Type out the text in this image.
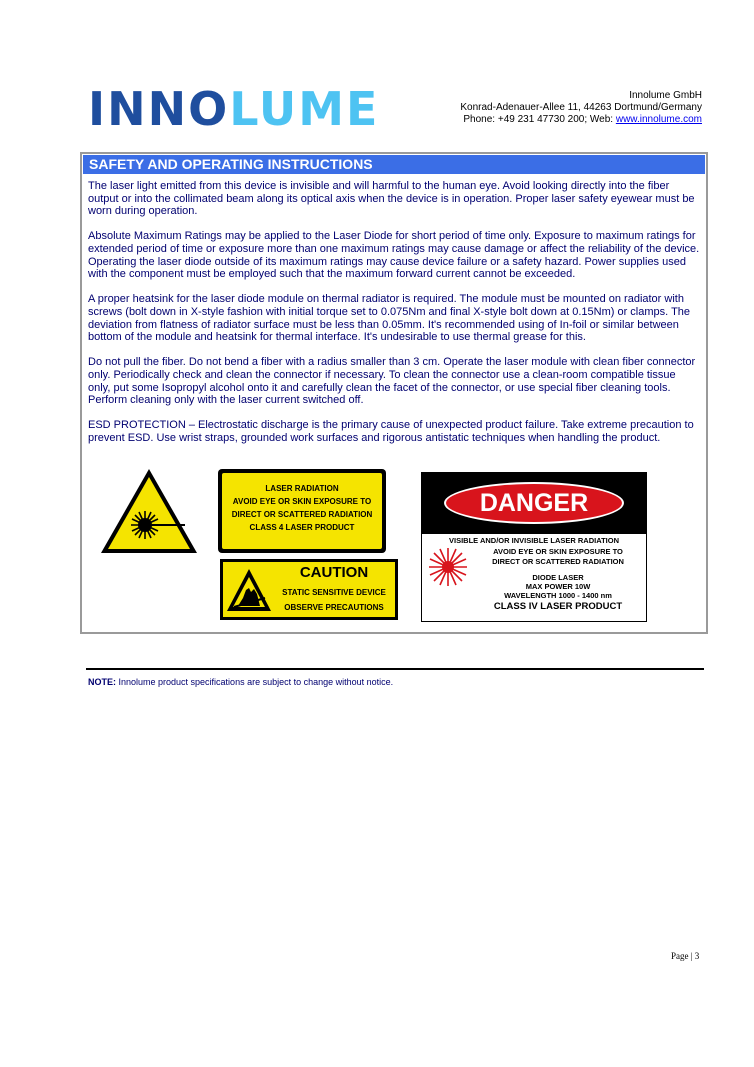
INNOLUME	Innolume GmbH
Konrad-Adenauer-Allee 11, 44263 Dortmund/Germany
Phone: +49 231 47730 200; Web: www.innolume.com
SAFETY AND OPERATING INSTRUCTIONS

The laser light emitted from this device is invisible and will harmful to the human eye. Avoid looking directly into the fiber output or into the collimated beam along its optical axis when the device is in operation. Proper laser safety eyewear must be worn during operation.

Absolute Maximum Ratings may be applied to the Laser Diode for short period of time only. Exposure to maximum ratings for extended period of time or exposure more than one maximum ratings may cause damage or affect the reliability of the device. Operating the laser diode outside of its maximum ratings may cause device failure or a safety hazard. Power supplies used with the component must be employed such that the maximum forward current cannot be exceeded.

A proper heatsink for the laser diode module on thermal radiator is required. The module must be mounted on radiator with screws (bolt down in X-style fashion with initial torque set to 0.075Nm and final X-style bolt down at 0.15Nm) or clamps. The deviation from flatness of radiator surface must be less than 0.05mm. It's recommended using of In-foil or similar between bottom of the module and heatsink for thermal interface. It's undesirable to use thermal grease for this.

Do not pull the fiber. Do not bend a fiber with a radius smaller than 3 cm. Operate the laser module with clean fiber connector only. Periodically check and clean the connector if necessary. To clean the connector use a clean-room compatible tissue only, put some Isopropyl alcohol onto it and carefully clean the facet of the connector, or use special fiber cleaning tools. Perform cleaning only with the laser current switched off.

ESD PROTECTION – Electrostatic discharge is the primary cause of unexpected product failure. Take extreme precaution to prevent ESD. Use wrist straps, grounded work surfaces and rigorous antistatic techniques when handling the product.

LASER RADIATION
AVOID EYE OR SKIN EXPOSURE TO
DIRECT OR SCATTERED RADIATION
CLASS 4 LASER PRODUCT
CAUTION
STATIC SENSITIVE DEVICE
OBSERVE PRECAUTIONS
DANGER
VISIBLE AND/OR INVISIBLE LASER RADIATION
AVOID EYE OR SKIN EXPOSURE TO
DIRECT OR SCATTERED RADIATION
DIODE LASER
MAX POWER 10W
WAVELENGTH 1000 - 1400 nm
CLASS IV LASER PRODUCT
NOTE: Innolume product specifications are subject to change without notice.
Page | 3
